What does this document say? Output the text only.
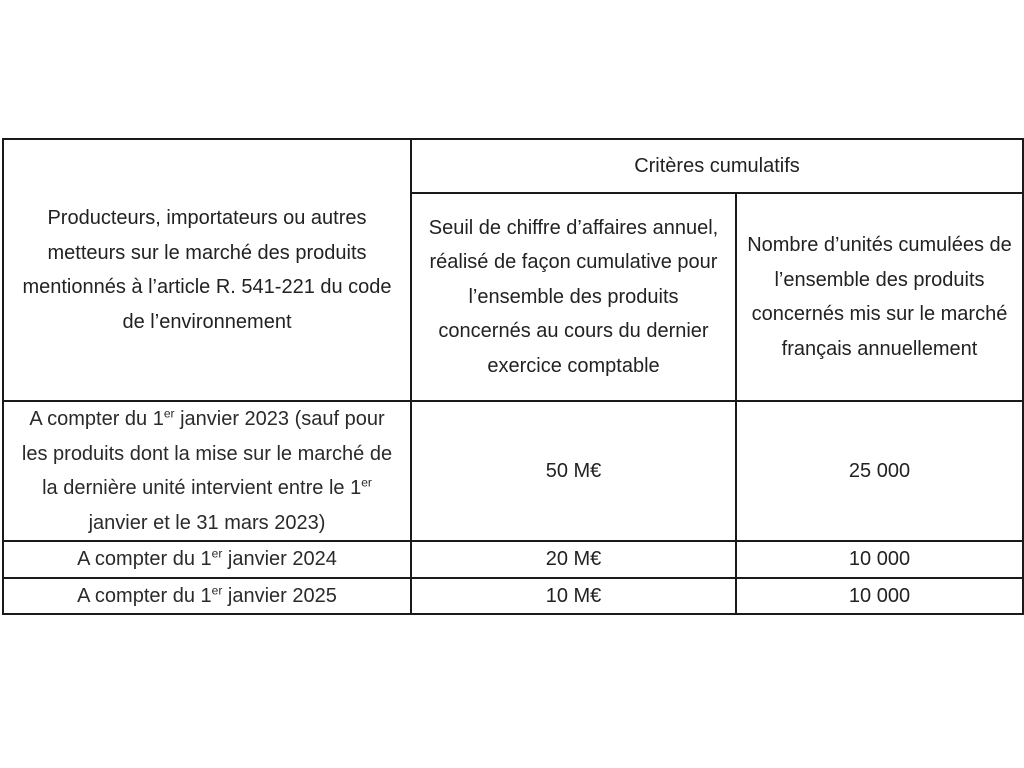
Producteurs, importateurs ou autres metteurs sur le marché des produits mentionnés à l’article R. 541-221 du code de l’environnement	Critères cumulatifs	
	Seuil de chiffre d’affaires annuel, réalisé de façon cumulative pour l’ensemble des produits concernés au cours du dernier exercice comptable	Nombre d’unités cumulées de l’ensemble des produits concernés mis sur le marché français annuellement
A compter du 1er janvier 2023 (sauf pour les produits dont la mise sur le marché de la dernière unité intervient entre le 1er janvier et le 31 mars 2023)	50 M€	25 000
A compter du 1er janvier 2024	20 M€	10 000
A compter du 1er janvier 2025	10 M€	10 000
